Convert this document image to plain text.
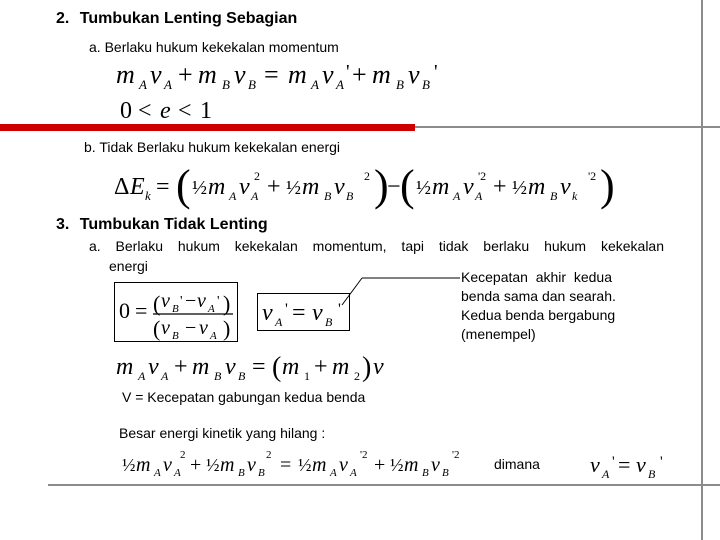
2. Tumbukan Lenting Sebagian
a. Berlaku hukum kekekalan momentum
m A v A + m B v B = m A v A
' + m B v B
'
0 < e < 1
b. Tidak Berlaku hukum kekekalan energi
Δ E k = ( ½ m A v A
2 + ½ m B v B
2 )
− ( ½ m A v A
'2 + ½ m B v k
'2 )
3. Tumbukan Tidak Lenting
a. Berlaku hukum kekekalan momentum, tapi tidak berlaku hukum kekekalan
energi
0 = ( v B ' − v A ' )
( v B − v A )
v A
' = v B
'
Kecepatan  akhir  kedua
benda sama dan searah.
Kedua benda bergabung
(menempel)
m A v A + m B v B = ( m 1 + m 2 ) v
V = Kecepatan gabungan kedua benda
Besar energi kinetik yang hilang :
½ m A v A
2 + ½ m B v B
2 = ½ m A v A
'2 + ½ m B v B
'2
dimana v A
' = v B
'
